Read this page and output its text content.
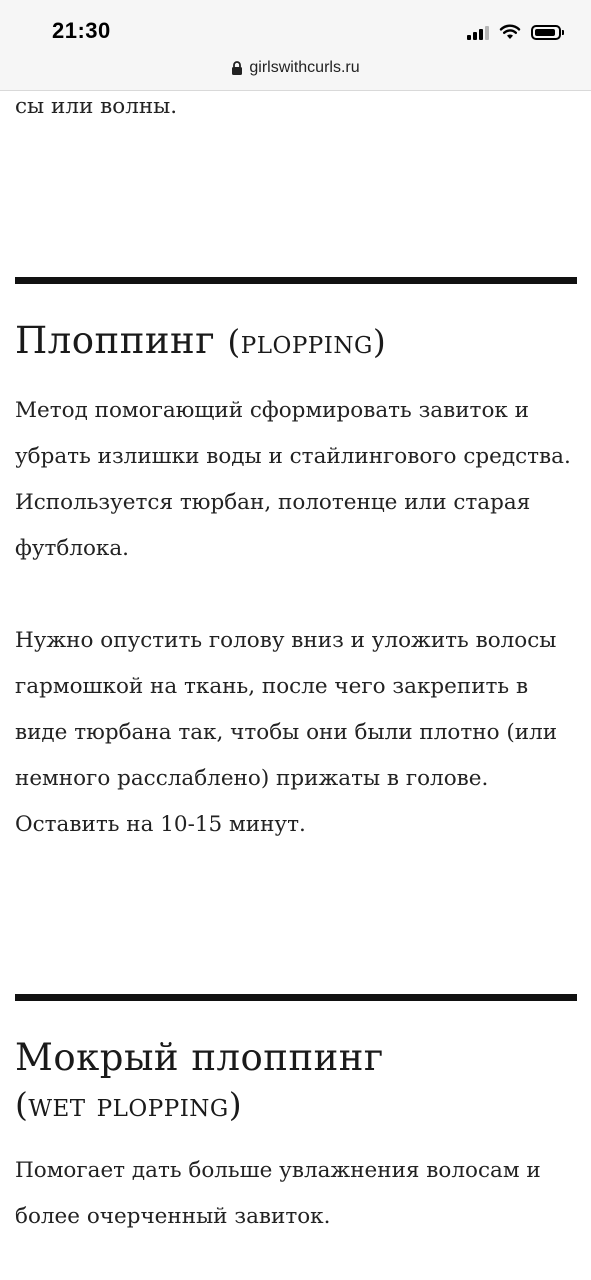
21:30
girlswithcurls.ru
сы или волны.
Плоппинг (plopping)

Метод помогающий сформировать завиток и убрать излишки воды и стайлингового средства. Используется тюрбан, полотенце или старая футблока.

Нужно опустить голову вниз и уложить волосы гармошкой на ткань, после чего закрепить в виде тюрбана так, чтобы они были плотно (или немного расслаблено) прижаты в голове. Оставить на 10-15 минут.

Мокрый плоппинг
(wet plopping)

Помогает дать больше увлажнения волосам и более очерченный завиток.
